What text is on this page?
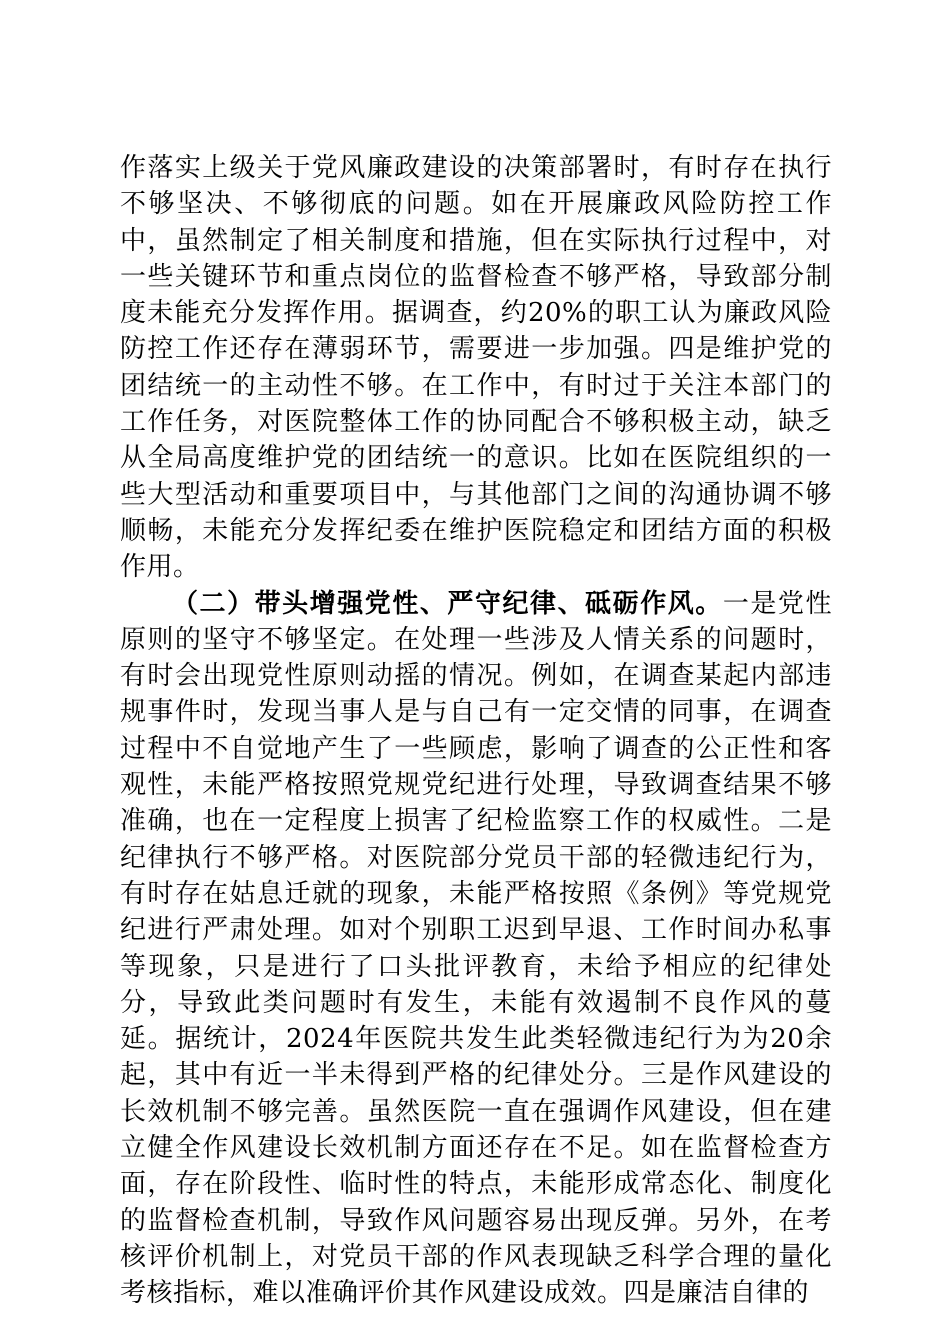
作落实上级关于党风廉政建设的决策部署时，有时存在执行不够坚决、不够彻底的问题。如在开展廉政风险防控工作中，虽然制定了相关制度和措施，但在实际执行过程中，对一些关键环节和重点岗位的监督检查不够严格，导致部分制度未能充分发挥作用。据调查，约20%的职工认为廉政风险防控工作还存在薄弱环节，需要进一步加强。四是维护党的团结统一的主动性不够。在工作中，有时过于关注本部门的工作任务，对医院整体工作的协同配合不够积极主动，缺乏从全局高度维护党的团结统一的意识。比如在医院组织的一些大型活动和重要项目中，与其他部门之间的沟通协调不够顺畅，未能充分发挥纪委在维护医院稳定和团结方面的积极作用。

（二）带头增强党性、严守纪律、砥砺作风。一是党性原则的坚守不够坚定。在处理一些涉及人情关系的问题时，有时会出现党性原则动摇的情况。例如，在调查某起内部违规事件时，发现当事人是与自己有一定交情的同事，在调查过程中不自觉地产生了一些顾虑，影响了调查的公正性和客观性，未能严格按照党规党纪进行处理，导致调查结果不够准确，也在一定程度上损害了纪检监察工作的权威性。二是纪律执行不够严格。对医院部分党员干部的轻微违纪行为，有时存在姑息迁就的现象，未能严格按照《条例》等党规党纪进行严肃处理。如对个别职工迟到早退、工作时间办私事等现象，只是进行了口头批评教育，未给予相应的纪律处分，导致此类问题时有发生，未能有效遏制不良作风的蔓延。据统计，2024年医院共发生此类轻微违纪行为为20余起，其中有近一半未得到严格的纪律处分。三是作风建设的长效机制不够完善。虽然医院一直在强调作风建设，但在建立健全作风建设长效机制方面还存在不足。如在监督检查方面，存在阶段性、临时性的特点，未能形成常态化、制度化的监督检查机制，导致作风问题容易出现反弹。另外，在考核评价机制上，对党员干部的作风表现缺乏科学合理的量化考核指标，难以准确评价其作风建设成效。四是廉洁自律的
